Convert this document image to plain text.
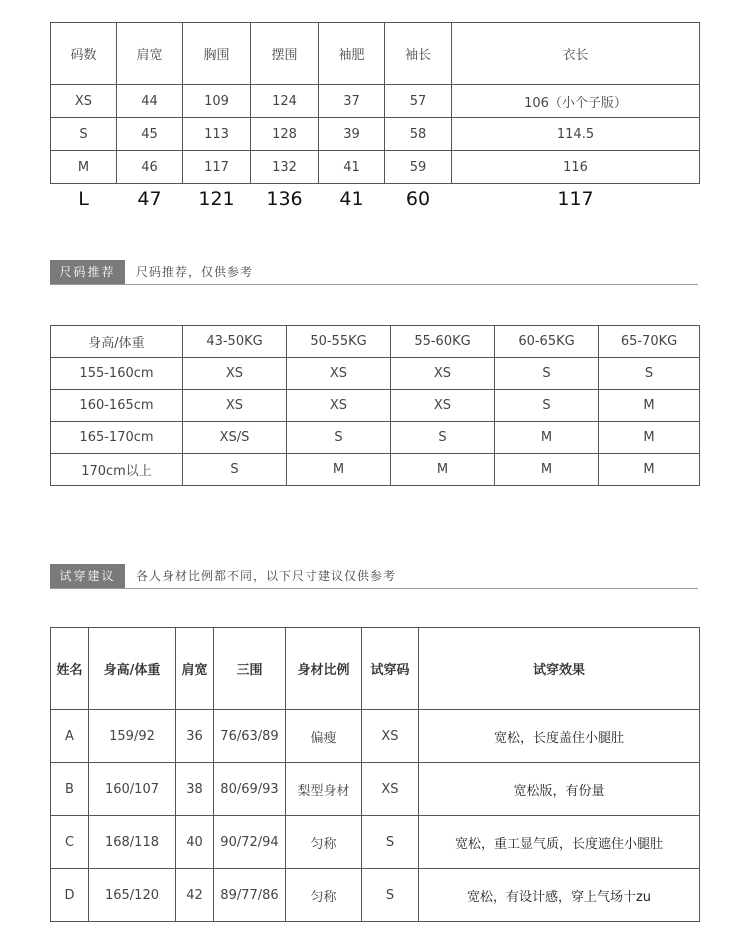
码数	肩宽	胸围	摆围	袖肥	袖长	衣长
XS	44	109	124	37	57	106（小个子版）
S	45	113	128	39	58	114.5
M	46	117	132	41	59	116
L	47	121	136	41	60	117
尺码推荐	尺码推荐，仅供参考
身高/体重	43-50KG	50-55KG	55-60KG	60-65KG	65-70KG
155-160cm	XS	XS	XS	S	S
160-165cm	XS	XS	XS	S	M
165-170cm	XS/S	S	S	M	M
170cm以上	S	M	M	M	M
试穿建议	各人身材比例都不同，以下尺寸建议仅供参考
姓名	身高/体重	肩宽	三围	身材比例	试穿码	试穿效果
A	159/92	36	76/63/89	偏瘦	XS	宽松，长度盖住小腿肚
B	160/107	38	80/69/93	梨型身材	XS	宽松版，有份量
C	168/118	40	90/72/94	匀称	S	宽松，重工显气质，长度遮住小腿肚
D	165/120	42	89/77/86	匀称	S	宽松，有设计感，穿上气场十zu
